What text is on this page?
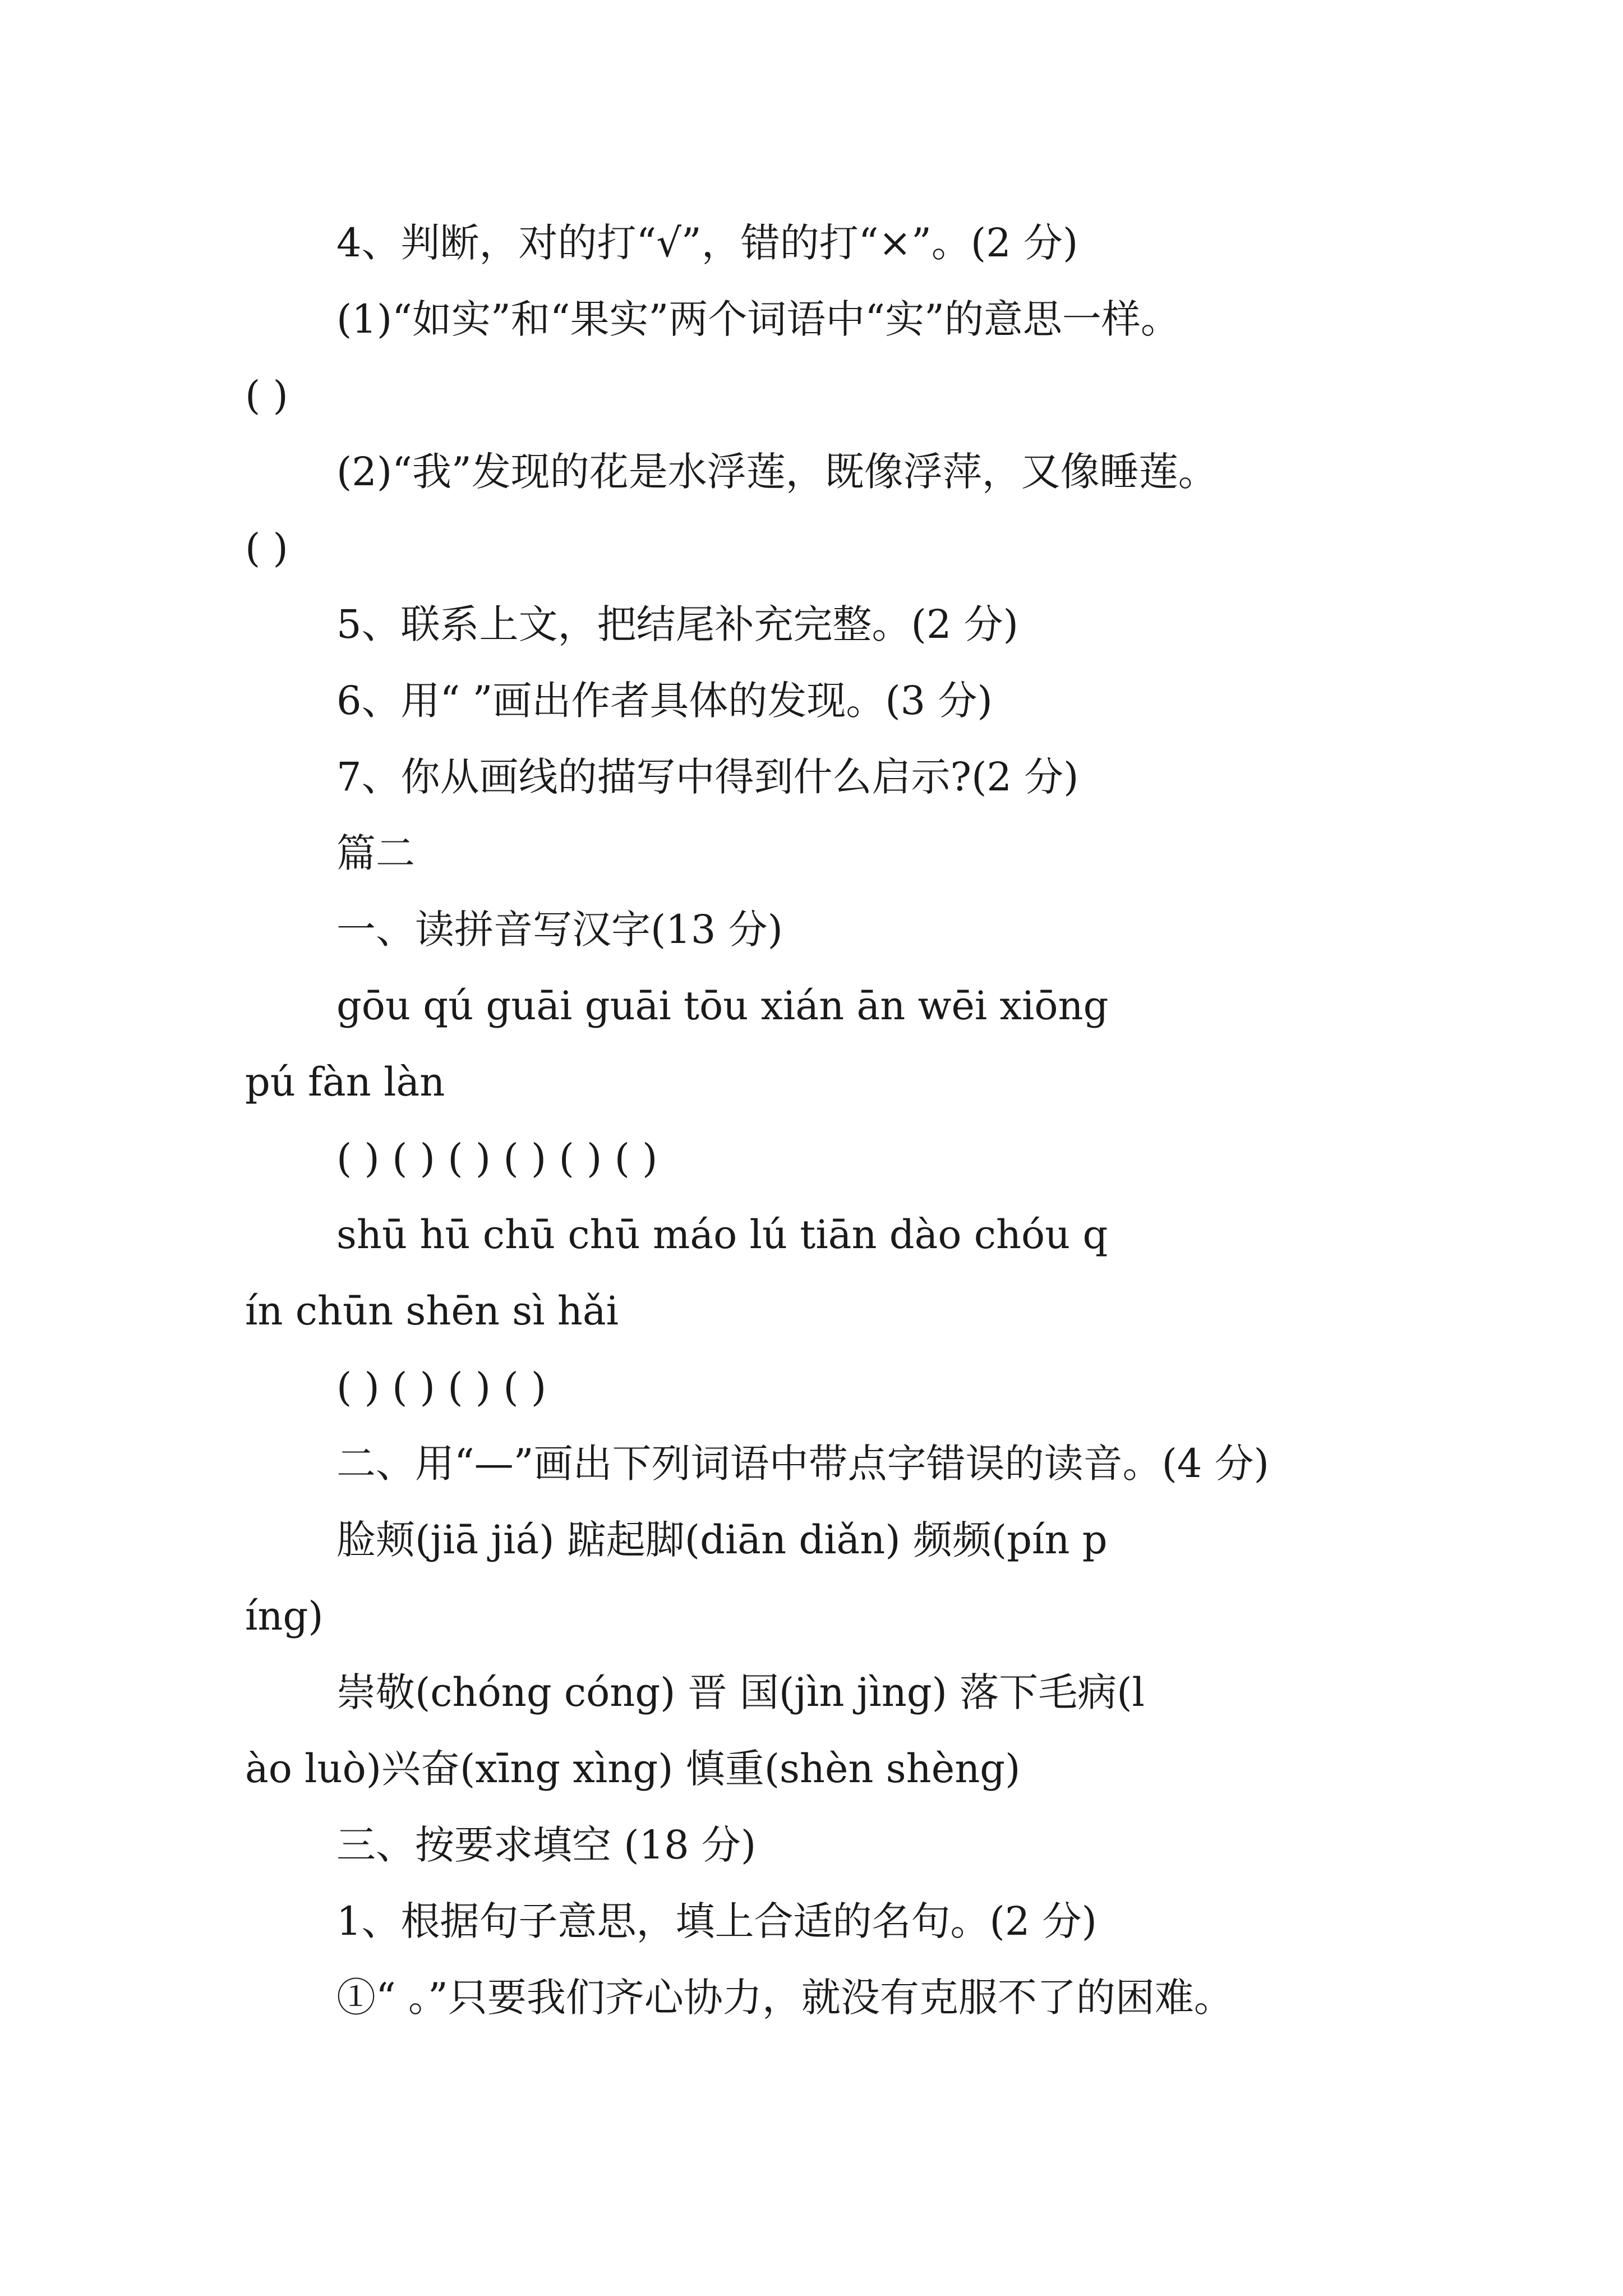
4、判断，对的打“√”，错的打“×”。(2 分)

(1)“如实”和“果实”两个词语中“实”的意思一样。

( )

(2)“我”发现的花是水浮莲，既像浮萍，又像睡莲。

( )

5、联系上文，把结尾补充完整。(2 分)

6、用“ ”画出作者具体的发现。(3 分)

7、你从画线的描写中得到什么启示?(2 分)

篇二

一、读拼音写汉字(13 分)

gōu qú guāi guāi tōu xián ān wēi xiōng

pú fàn làn

( ) ( ) ( ) ( ) ( ) ( )

shū hū chū chū máo lú tiān dào chóu q

ín chūn shēn sì hǎi

( ) ( ) ( ) ( )

二、用“—”画出下列词语中带点字错误的读音。(4 分)

脸颊(jiā jiá) 踮起脚(diān diǎn) 频频(pín p

íng)

崇敬(chóng cóng) 晋 国(jìn jìng) 落下毛病(l

ào luò)兴奋(xīng xìng) 慎重(shèn shèng)

三、按要求填空 (18 分)

1、根据句子意思，填上合适的名句。(2 分)

①“ 。”只要我们齐心协力，就没有克服不了的困难。
